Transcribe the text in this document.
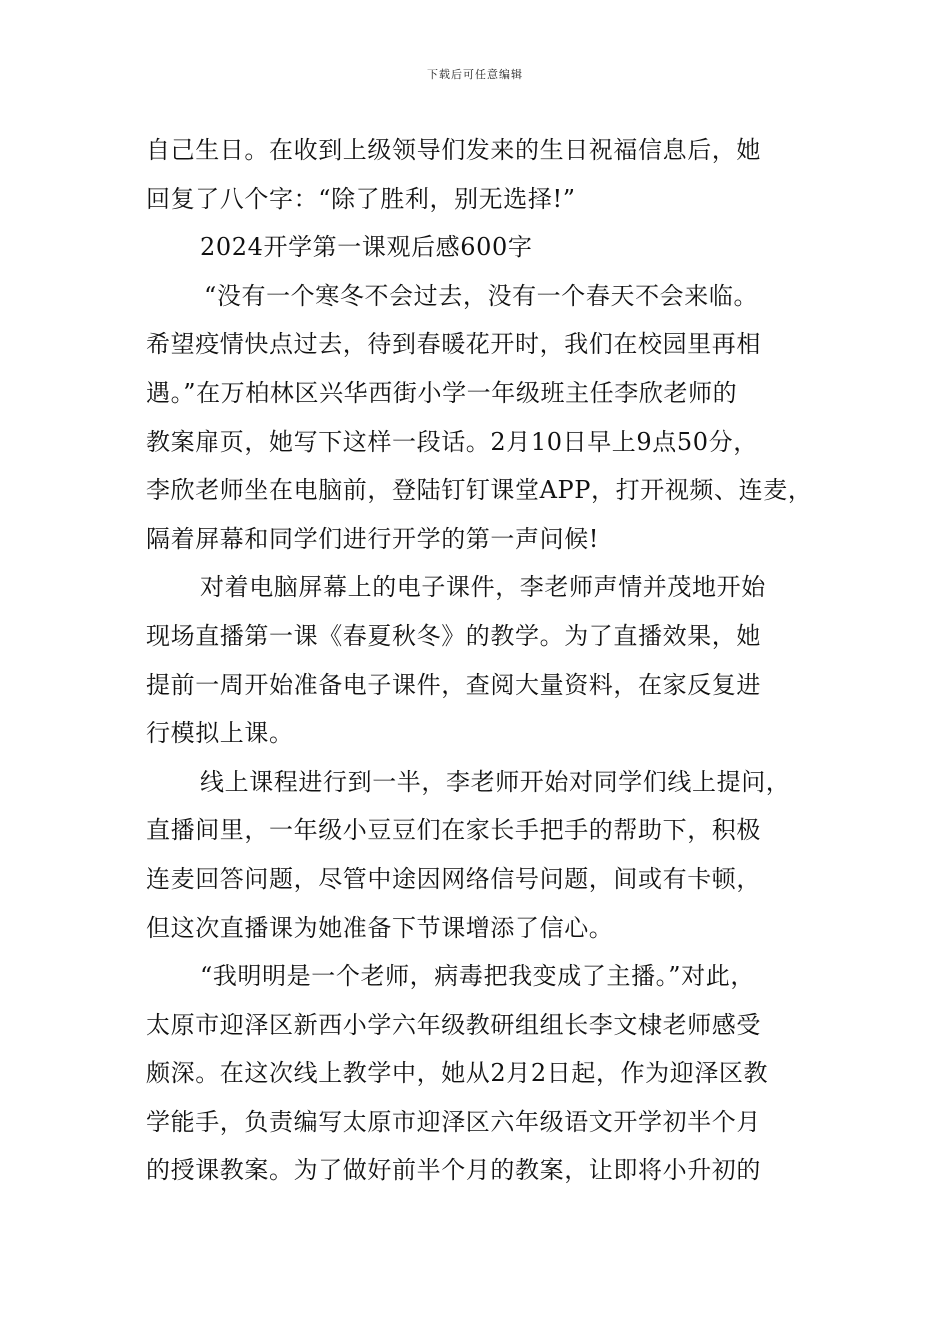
下载后可任意编辑
自己生日。在收到上级领导们发来的生日祝福信息后，她
回复了八个字：“除了胜利，别无选择!”
2024开学第一课观后感600字
“没有一个寒冬不会过去，没有一个春天不会来临。
希望疫情快点过去，待到春暖花开时，我们在校园里再相
遇。”在万柏林区兴华西街小学一年级班主任李欣老师的
教案扉页，她写下这样一段话。2月10日早上9点50分，
李欣老师坐在电脑前，登陆钉钉课堂APP，打开视频、连麦，
隔着屏幕和同学们进行开学的第一声问候!
对着电脑屏幕上的电子课件，李老师声情并茂地开始
现场直播第一课《春夏秋冬》的教学。为了直播效果，她
提前一周开始准备电子课件，查阅大量资料，在家反复进
行模拟上课。
线上课程进行到一半，李老师开始对同学们线上提问，
直播间里，一年级小豆豆们在家长手把手的帮助下，积极
连麦回答问题，尽管中途因网络信号问题，间或有卡顿，
但这次直播课为她准备下节课增添了信心。
“我明明是一个老师，病毒把我变成了主播。”对此，
太原市迎泽区新西小学六年级教研组组长李文棣老师感受
颇深。在这次线上教学中，她从2月2日起，作为迎泽区教
学能手，负责编写太原市迎泽区六年级语文开学初半个月
的授课教案。为了做好前半个月的教案，让即将小升初的
